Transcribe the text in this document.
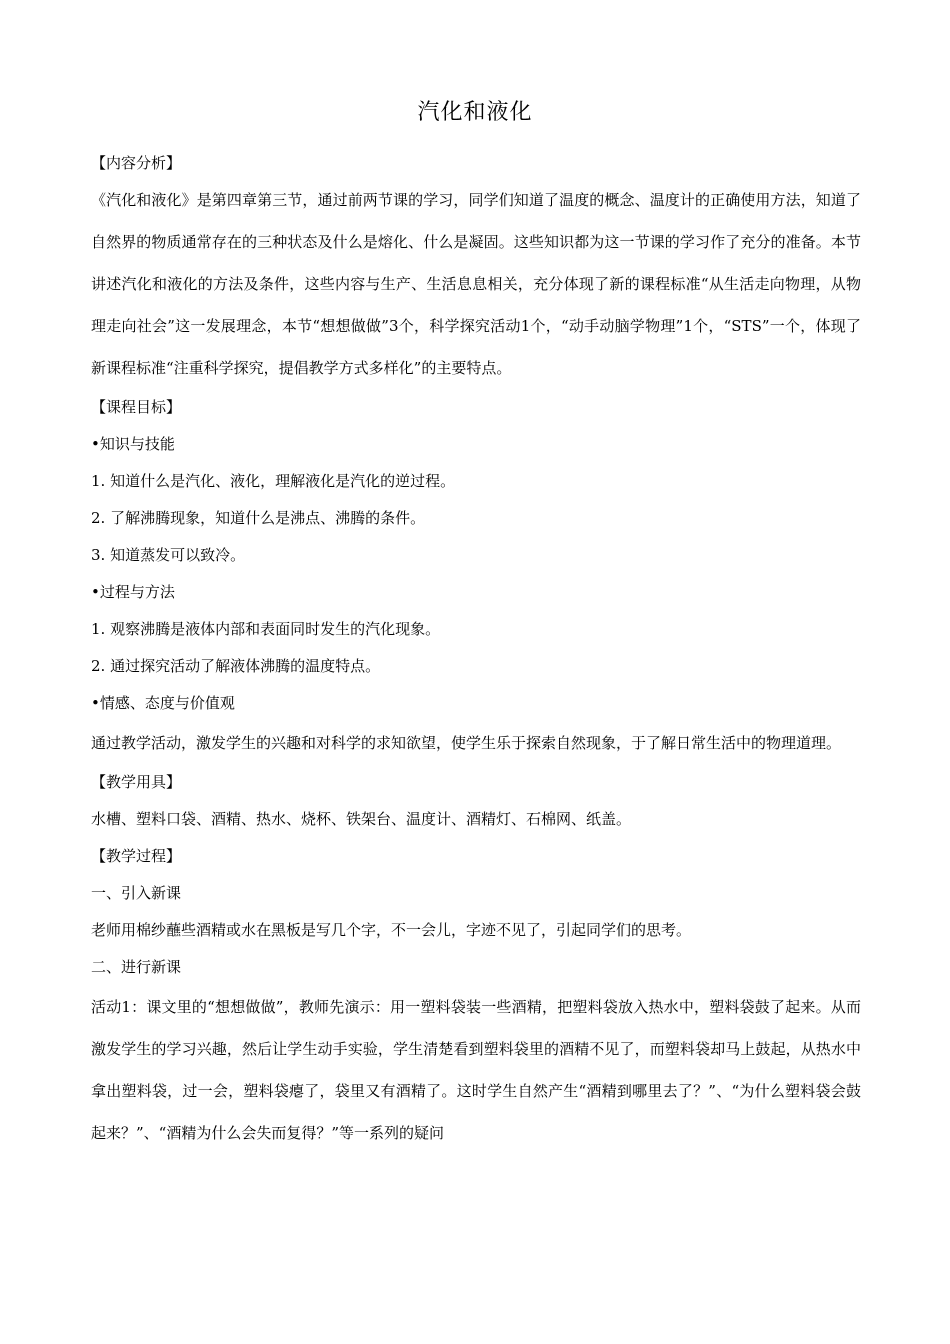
汽化和液化
【内容分析】
《汽化和液化》是第四章第三节，通过前两节课的学习，同学们知道了温度的概念、温度计的正确使用方法，知道了自然界的物质通常存在的三种状态及什么是熔化、什么是凝固。这些知识都为这一节课的学习作了充分的准备。本节讲述汽化和液化的方法及条件，这些内容与生产、生活息息相关，充分体现了新的课程标准“从生活走向物理，从物理走向社会”这一发展理念，本节“想想做做”3个，科学探究活动1个，“动手动脑学物理”1个，“STS”一个，体现了新课程标准“注重科学探究，提倡教学方式多样化”的主要特点。
【课程目标】
•知识与技能
1. 知道什么是汽化、液化，理解液化是汽化的逆过程。
2. 了解沸腾现象，知道什么是沸点、沸腾的条件。
3. 知道蒸发可以致冷。
•过程与方法
1. 观察沸腾是液体内部和表面同时发生的汽化现象。
2. 通过探究活动了解液体沸腾的温度特点。
•情感、态度与价值观
通过教学活动，激发学生的兴趣和对科学的求知欲望，使学生乐于探索自然现象，于了解日常生活中的物理道理。
【教学用具】
水槽、塑料口袋、酒精、热水、烧杯、铁架台、温度计、酒精灯、石棉网、纸盖。
【教学过程】
一、引入新课
老师用棉纱蘸些酒精或水在黑板是写几个字，不一会儿，字迹不见了，引起同学们的思考。
二、进行新课
活动1：课文里的“想想做做”，教师先演示：用一塑料袋装一些酒精，把塑料袋放入热水中，塑料袋鼓了起来。从而激发学生的学习兴趣，然后让学生动手实验，学生清楚看到塑料袋里的酒精不见了，而塑料袋却马上鼓起，从热水中拿出塑料袋，过一会，塑料袋瘪了，袋里又有酒精了。这时学生自然产生“酒精到哪里去了？”、“为什么塑料袋会鼓起来？”、“酒精为什么会失而复得？”等一系列的疑问
